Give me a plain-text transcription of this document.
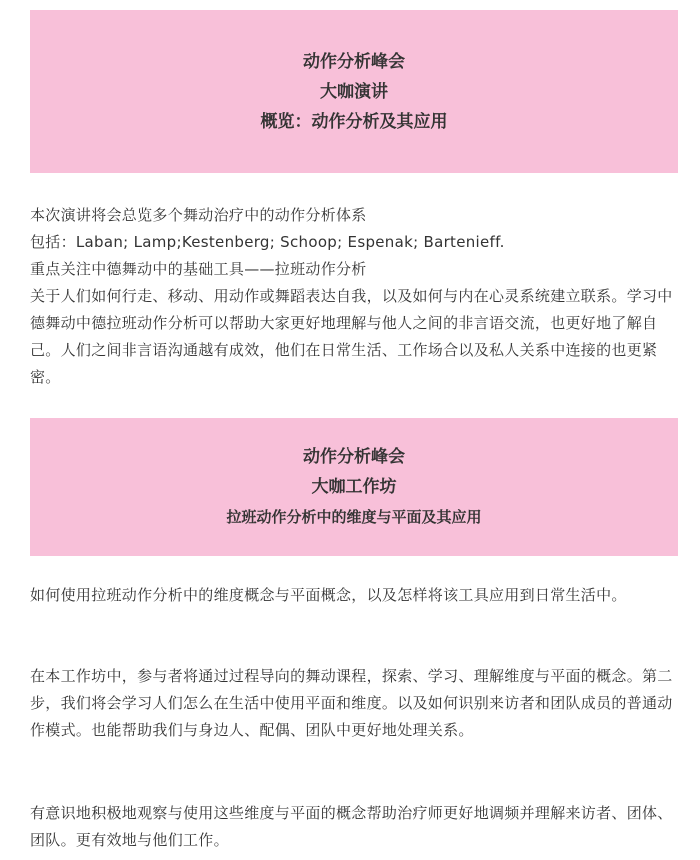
动作分析峰会
大咖演讲
概览：动作分析及其应用
本次演讲将会总览多个舞动治疗中的动作分析体系
包括：Laban; Lamp;Kestenberg; Schoop; Espenak; Bartenieff.
重点关注中德舞动中的基础工具——拉班动作分析
关于人们如何行走、移动、用动作或舞蹈表达自我，以及如何与内在心灵系统建立联系。学习中德舞动中德拉班动作分析可以帮助大家更好地理解与他人之间的非言语交流，也更好地了解自己。人们之间非言语沟通越有成效，他们在日常生活、工作场合以及私人关系中连接的也更紧密。
动作分析峰会
大咖工作坊
拉班动作分析中的维度与平面及其应用

如何使用拉班动作分析中的维度概念与平面概念，以及怎样将该工具应用到日常生活中。

在本工作坊中，参与者将通过过程导向的舞动课程，探索、学习、理解维度与平面的概念。第二步，我们将会学习人们怎么在生活中使用平面和维度。以及如何识别来访者和团队成员的普通动作模式。也能帮助我们与身边人、配偶、团队中更好地处理关系。

有意识地积极地观察与使用这些维度与平面的概念帮助治疗师更好地调频并理解来访者、团体、团队。更有效地与他们工作。
